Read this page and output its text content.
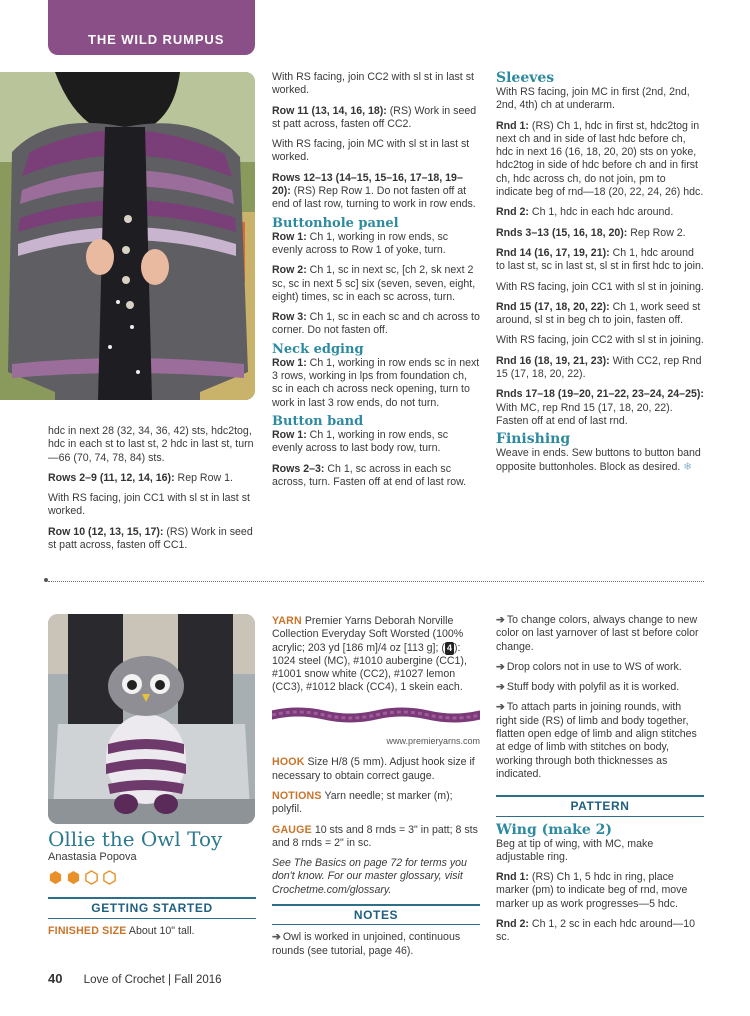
THE WILD RUMPUS

hdc in next 28 (32, 34, 36, 42) sts, hdc2tog, hdc in each st to last st, 2 hdc in last st, turn—66 (70, 74, 78, 84) sts.

Rows 2–9 (11, 12, 14, 16): Rep Row 1.

With RS facing, join CC1 with sl st in last st worked.

Row 10 (12, 13, 15, 17): (RS) Work in seed st patt across, fasten off CC1.

With RS facing, join CC2 with sl st in last st worked.

Row 11 (13, 14, 16, 18): (RS) Work in seed st patt across, fasten off CC2.

With RS facing, join MC with sl st in last st worked.

Rows 12–13 (14–15, 15–16, 17–18, 19–20): (RS) Rep Row 1. Do not fasten off at end of last row, turning to work in row ends.

Buttonhole panel

Row 1: Ch 1, working in row ends, sc evenly across to Row 1 of yoke, turn.

Row 2: Ch 1, sc in next sc, [ch 2, sk next 2 sc, sc in next 5 sc] six (seven, seven, eight, eight) times, sc in each sc across, turn.

Row 3: Ch 1, sc in each sc and ch across to corner. Do not fasten off.

Neck edging

Row 1: Ch 1, working in row ends sc in next 3 rows, working in lps from foundation ch, sc in each ch across neck opening, turn to work in last 3 row ends, do not turn.

Button band

Row 1: Ch 1, working in row ends, sc evenly across to last body row, turn.

Rows 2–3: Ch 1, sc across in each sc across, turn. Fasten off at end of last row.

Sleeves

With RS facing, join MC in first (2nd, 2nd, 2nd, 4th) ch at underarm.

Rnd 1: (RS) Ch 1, hdc in first st, hdc2tog in next ch and in side of last hdc before ch, hdc in next 16 (16, 18, 20, 20) sts on yoke, hdc2tog in side of hdc before ch and in first ch, hdc across ch, do not join, pm to indicate beg of rnd—18 (20, 22, 24, 26) hdc.

Rnd 2: Ch 1, hdc in each hdc around.

Rnds 3–13 (15, 16, 18, 20): Rep Row 2.

Rnd 14 (16, 17, 19, 21): Ch 1, hdc around to last st, sc in last st, sl st in first hdc to join.

With RS facing, join CC1 with sl st in joining.

Rnd 15 (17, 18, 20, 22): Ch 1, work seed st around, sl st in beg ch to join, fasten off.

With RS facing, join CC2 with sl st in joining.

Rnd 16 (18, 19, 21, 23): With CC2, rep Rnd 15 (17, 18, 20, 22).

Rnds 17–18 (19–20, 21–22, 23–24, 24–25): With MC, rep Rnd 15 (17, 18, 20, 22). Fasten off at end of last rnd.

Finishing

Weave in ends. Sew buttons to button band opposite buttonholes. Block as desired. ❄

Ollie the Owl Toy
Anastasia Popova
GETTING STARTED

FINISHED SIZE About 10" tall.

YARN Premier Yarns Deborah Norville Collection Everyday Soft Worsted (100% acrylic; 203 yd [186 m]/4 oz [113 g]; ( 4 ): 1024 steel (MC), #1010 aubergine (CC1), #1001 snow white (CC2), #1027 lemon (CC3), #1012 black (CC4), 1 skein each.

www.premieryarns.com

HOOK Size H/8 (5 mm). Adjust hook size if necessary to obtain correct gauge.

NOTIONS Yarn needle; st marker (m); polyfil.

GAUGE 10 sts and 8 rnds = 3" in patt; 8 sts and 8 rnds = 2" in sc.

See The Basics on page 72 for terms you don't know. For our master glossary, visit Crochetme.com/glossary.

NOTES

➔ Owl is worked in unjoined, continuous rounds (see tutorial, page 46).

➔ To change colors, always change to new color on last yarnover of last st before color change.

➔ Drop colors not in use to WS of work.

➔ Stuff body with polyfil as it is worked.

➔ To attach parts in joining rounds, with right side (RS) of limb and body together, flatten open edge of limb and align stitches at edge of limb with stitches on body, working through both thicknesses as indicated.

PATTERN
Wing (make 2)

Beg at tip of wing, with MC, make adjustable ring.

Rnd 1: (RS) Ch 1, 5 hdc in ring, place marker (pm) to indicate beg of rnd, move marker up as work progresses—5 hdc.

Rnd 2: Ch 1, 2 sc in each hdc around—10 sc.

40 Love of Crochet | Fall 2016
